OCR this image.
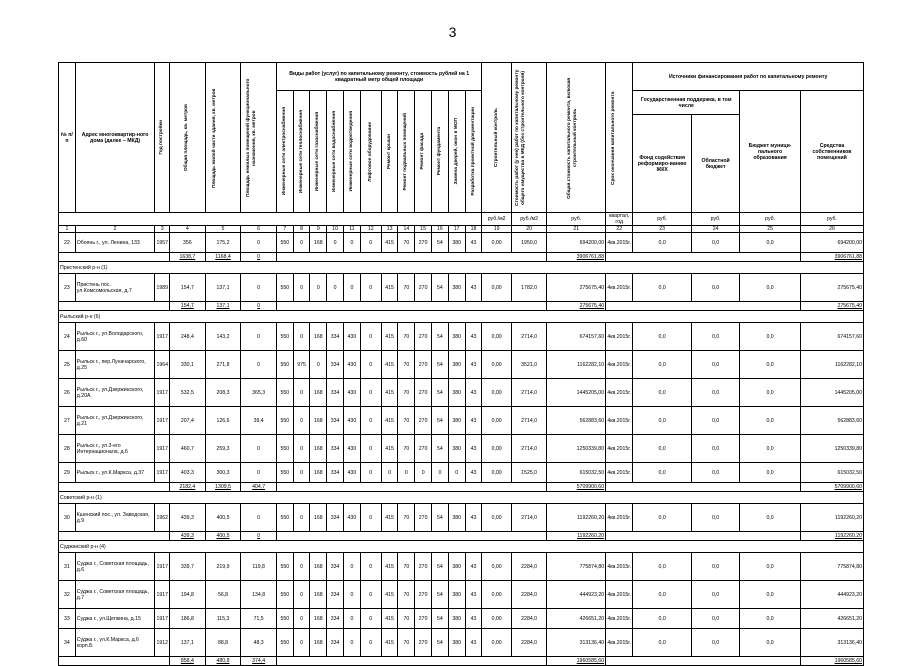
3
№ п/п	Адрес многоквартир-ного дома (далее – МКД)	Год постройки	Общая площадь, кв. метров	Площадь жилой части здания, кв. метров	Площадь нежилых помещений функционального назначения, кв. метров	Виды работ (услуг) по капитальному ремонту, стоимость рублей на 1 квадратный метр общей площади												Строительный контроль	Стоимость работ (у нее) работ по капитальному ремонту общего имущества в МКД (без строительного контроля)	Общая стоимость капитального ремонта, включая строительный контроль	Срок окончания капитального ремонта	Источники финансирования работ по капитальному ремонту			

						Инженерные сети электроснабжения	Инженерные сети теплоснабжения	Инженерные сети газоснабжения	Инженерные сети водоснабжения	Инженерные сети водоотведения	Лифтовое оборудование	Ремонт крыши	Ремонт подвальных помещений	Ремонт фасада	Ремонт фундамента	Замена дверей, окон в МОП	Разработка проектной документации					Государственная поддержка, в том числе		Бюджет муници-пального образования	Средства собственников помещений
																						Фонд содействия реформиро-ванию ЖКХ	Областной бюджет		
																		руб./м2	руб./м2	руб.	квартал, год	руб.	руб.	руб.	руб.
1	2	3	4	5	6	7	8	9	10	11	12	13	14	15	16	17	18	19	20	21	22	23	24	25	26
22	Обоянь г., ул. Ленина, 133	1957	356	175,2	0	550	0	168	0	0	0	415	70	270	54	380	43	0,00	1950,0	694200,00	4кв.2015г.	0,0	0,0	0,0	694200,00
			1638,7	1168,4	0															3906761,88					3906761,88
Пристенский р-н (1)																									
23	Пристень пос. ул.Комсомольская, д.7	1989	154,7	137,1	0	550	0	0	0	0	0	415	70	270	54	380	43	0,00	1782,0	275675,40	4кв.2015г.	0,0	0,0	0,0	275675,40
			154,7	137,1	0															275675,40					275675,40
Рыльский р-н (6)																									
24	Рыльск г., ул.Володарского, д.60	1917	248,4	143,2	0	550	0	168	334	430	0	415	70	270	54	380	43	0,00	2714,0	674157,60	4кв.2015г.	0,0	0,0	0,0	674157,60
25	Рыльск г., пер.Луначарского, д.25	1964	330,1	271,8	0	550	975	0	334	430	0	415	70	270	54	380	43	0,00	3521,0	1162282,10	4кв.2015г.	0,0	0,0	0,0	1162282,10
26	Рыльск г., ул.Дзержинского, д.20А	1917	532,5	208,3	365,3	550	0	168	334	430	0	415	70	270	54	380	43	0,00	2714,0	1445205,00	4кв.2015г.	0,0	0,0	0,0	1445205,00
27	Рыльск г., ул.Дзержинского, д.21	1917	207,4	126,6	39,4	550	0	168	334	430	0	415	70	270	54	380	43	0,00	2714,0	562883,60	4кв.2015г.	0,0	0,0	0,0	562883,60
28	Рыльск г., ул.3-его Интернационала, д.6	1917	460,7	259,3	0	550	0	168	334	430	0	415	70	270	54	380	43	0,00	2714,0	1250339,80	4кв.2015г.	0,0	0,0	0,0	1250339,80
29	Рыльск г., ул.К.Маркса, д.37	1917	403,3	300,3	0	550	0	168	334	430	0	0	0	0	0	0	43	0,00	1525,0	615032,50	4кв.2015г.	0,0	0,0	0,0	615032,50
			2182,4	1309,5	404,7															5709900,60					5709900,60
Советский р-н (1)																									
30	Кшенский пос., ул. Заводская, д.9	1962	439,3	400,5	0	550	0	168	334	430	0	415	70	270	54	380	43	0,00	2714,0	1192260,20	4кв.2015г.	0,0	0,0	0,0	1192260,20
			439,3	400,5	0															1192260,20					1192260,20
Суджанский р-н (4)																									
31	Суджа г., Советская площадь, д.6	1917	339,7	219,9	119,8	550	0	168	334	0	0	415	70	270	54	380	43	0,00	2284,0	775874,80	4кв.2015г.	0,0	0,0	0,0	775874,80
32	Суджа г., Советская площадь, д.7	1917	194,8	56,8	134,8	550	0	168	334	0	0	415	70	270	54	380	43	0,00	2284,0	444923,20	4кв.2015г.	0,0	0,0	0,0	444923,20
33	Суджа г., ул.Щепкина, д.15	1917	186,8	115,3	71,5	550	0	168	334	0	0	415	70	270	54	380	43	0,00	2284,0	426651,20	4кв.2015г.	0,0	0,0	0,0	426651,20
34	Суджа г., ул.К.Маркса, д.6 корп.Б	1912	137,1	88,8	48,3	550	0	168	334	0	0	415	70	270	54	380	43	0,00	2284,0	313136,40	4кв.2015г.	0,0	0,0	0,0	313136,40
			858,4	480,8	374,4															1960585,60					1960585,60
